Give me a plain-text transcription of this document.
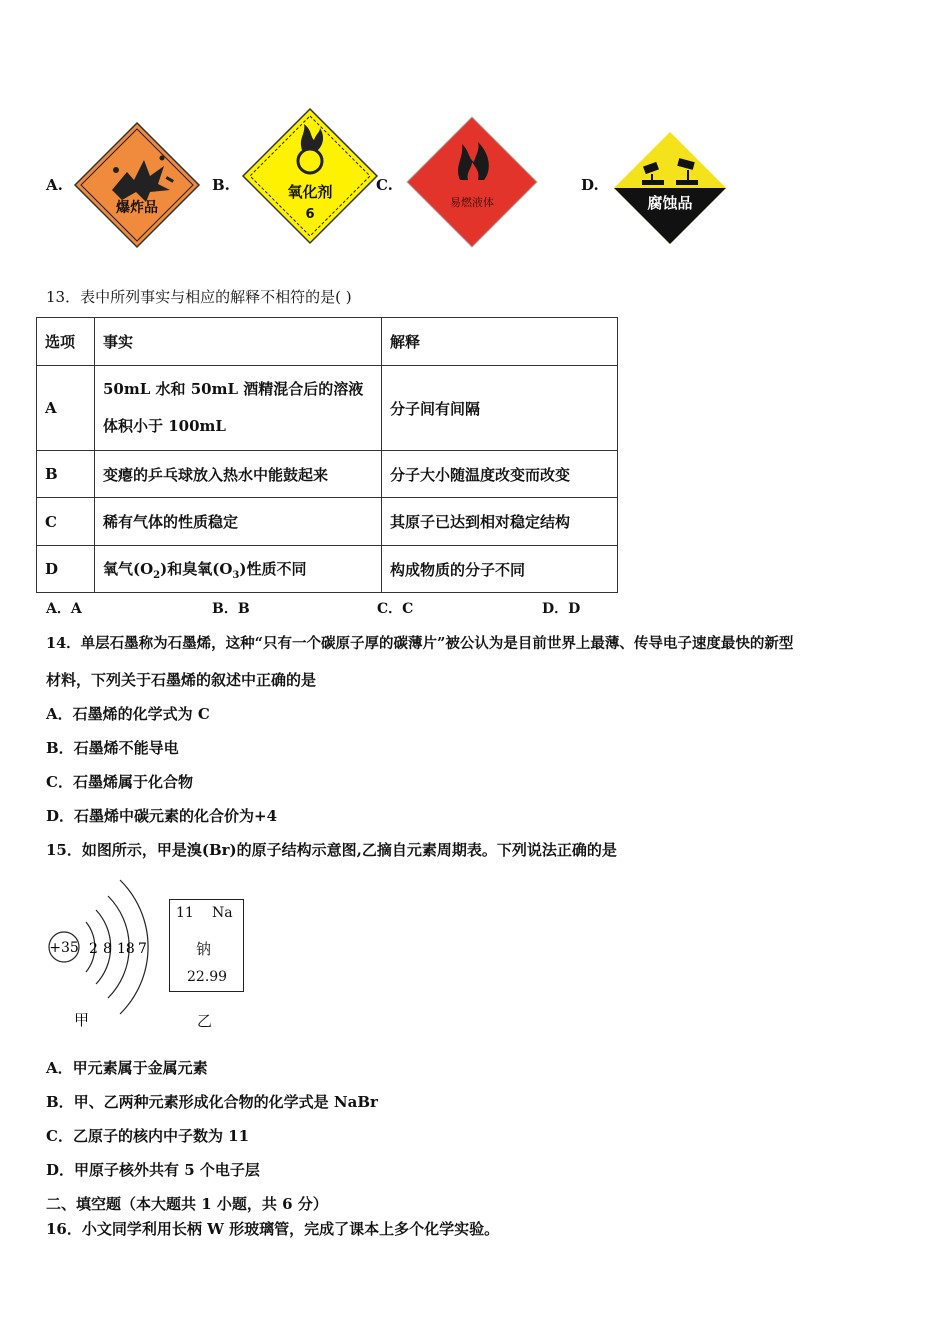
A.
爆炸品
B.	氧化剂
6
C.
易燃液体
D.
腐蚀品
13．表中所列事实与相应的解释不相符的是( )
选项	事实	解释
A	50mL 水和 50mL 酒精混合后的溶液
体积小于 100mL	分子间有间隔
B	变瘪的乒乓球放入热水中能鼓起来	分子大小随温度改变而改变
C	稀有气体的性质稳定	其原子已达到相对稳定结构
D	氧气$(O_2)$和臭氧$(O_3)$性质不同	构成物质的分子不同
A．A	B．B	C．C	D．D
14．单层石墨称为石墨烯，这种“只有一个碳原子厚的碳薄片”被公认为是目前世界上最薄、传导电子速度最快的新型
材料，下列关于石墨烯的叙述中正确的是
A．石墨烯的化学式为 C
B．石墨烯不能导电
C．石墨烯属于化合物
D．石墨烯中碳元素的化合价为+4
15．如图所示，甲是溴(Br)的原子结构示意图,乙摘自元素周期表。下列说法正确的是
+35 2 8 18 7
甲
11 Na
钠
22.99
乙
A．甲元素属于金属元素
B．甲、乙两种元素形成化合物的化学式是 NaBr
C．乙原子的核内中子数为 11
D．甲原子核外共有 5 个电子层
二、填空题（本大题共 1 小题，共 6 分）
16．小文同学利用长柄 W 形玻璃管，完成了课本上多个化学实验。
